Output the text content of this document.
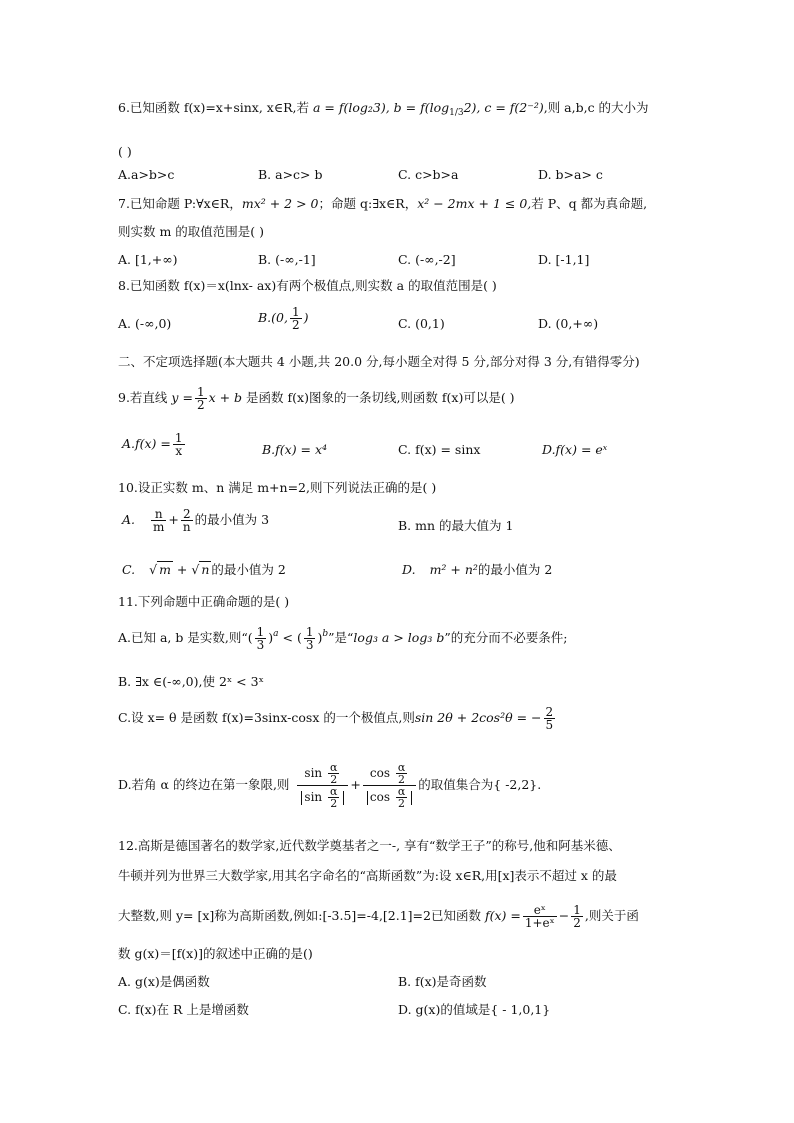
6.已知函数 f(x)=x+sinx, x∈R,若 a = f(log₂3), $b = f(\log_{1/3}2)$, c = f(2⁻²),则 a,b,c 的大小为
( )
A.a>b>c	B. a>c> b	C. c>b>a	D. b>a> c
7.已知命题 P:∀x∈R，mx² + 2 > 0；命题 q:∃x∈R，x² − 2mx + 1 ≤ 0,若 P、q 都为真命题,
则实数 m 的取值范围是( )
A. [1,+∞)	B. (-∞,-1]	C. (-∞,-2]	D. [-1,1]
8.已知函数 f(x)＝x(lnx- ax)有两个极值点,则实数 a 的取值范围是( )
A. (-∞,0)	B.(0, $\frac{1}{2}$ )	C. (0,1)	D. (0,+∞)
二、不定项选择题(本大题共 4 小题,共 20.0 分,每小题全对得 5 分,部分对得 3 分,有错得零分)
9.若直线 $y = \frac{1}{2}$ x + b 是函数 f(x)图象的一条切线,则函数 f(x)可以是( )
$A.f(x) = \frac{1}{x}$	B.f(x) = x⁴	C. f(x) = sinx	D.f(x) = eˣ
10.设正实数 m、n 满足 m+n=2,则下列说法正确的是( )
A. $\frac{n}{m} + \frac{2}{n}$ 的最小值为 3	B. mn 的最大值为 1
C. √ m + √ n 的最小值为 2	D. m² + n²的最小值为 2
11.下列命题中正确命题的是( )
A.已知 a, b 是实数,则“( $\frac{1}{3} )^a$ < ( $\frac{1}{3} )^b$”是“log₃ a > log₃ b”的充分而不必要条件;
B. ∃x ∈(-∞,0),使 2ˣ < 3ˣ
C.设 x= θ 是函数 f(x)=3sinx-cosx 的一个极值点,则sin 2θ + 2cos²θ = − $\frac{2}{5}$
D.若角 α 的终边在第一象限,则 $\frac{\sin \frac{\alpha}{2}}{\sin \frac{\alpha}{2}} + \frac{\cos \frac{\alpha}{2}}{\cos \frac{\alpha}{2}}$ 的取值集合为{ -2,2}.
12.高斯是德国著名的数学家,近代数学奠基者之一-, 享有“数学王子”的称号,他和阿基米德、
牛顿并列为世界三大数学家,用其名字命名的“高斯函数”为:设 x∈R,用[x]表示不超过 x 的最
大整数,则 y= [x]称为高斯函数,例如:[-3.5]=-4,[2.1]=2已知函数 $f(x) = \frac{\text{eˣ}}{\text{1+eˣ}} - \frac{1}{2}$ ,则关于函
数 g(x)＝[f(x)]的叙述中正确的是()
A. g(x)是偶函数	B. f(x)是奇函数
C. f(x)在 R 上是增函数	D. g(x)的值域是{ - 1,0,1}
